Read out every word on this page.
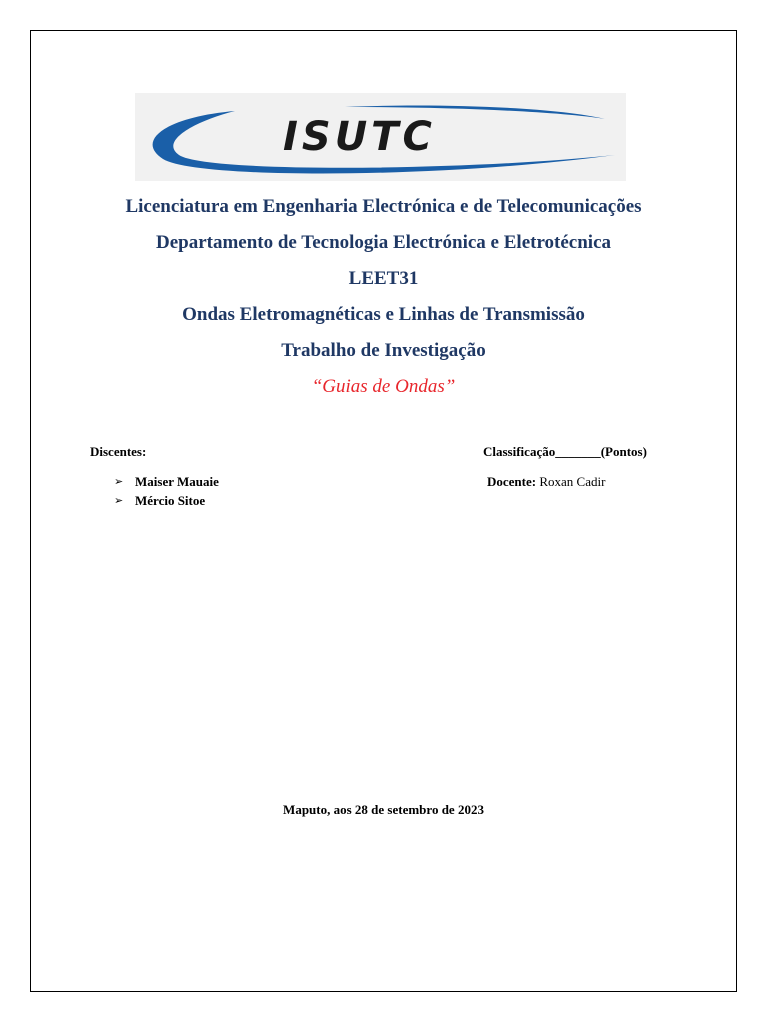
ISUTC
Licenciatura em Engenharia Electrónica e de Telecomunicações
Departamento de Tecnologia Electrónica e Eletrotécnica
LEET31
Ondas Eletromagnéticas e Linhas de Transmissão
Trabalho de Investigação
“Guias de Ondas”
Discentes:
➢ Maiser Mauaie
➢ Mércio Sitoe
Classificação_______(Pontos)
Docente: Roxan Cadir
Maputo, aos 28 de setembro de 2023
